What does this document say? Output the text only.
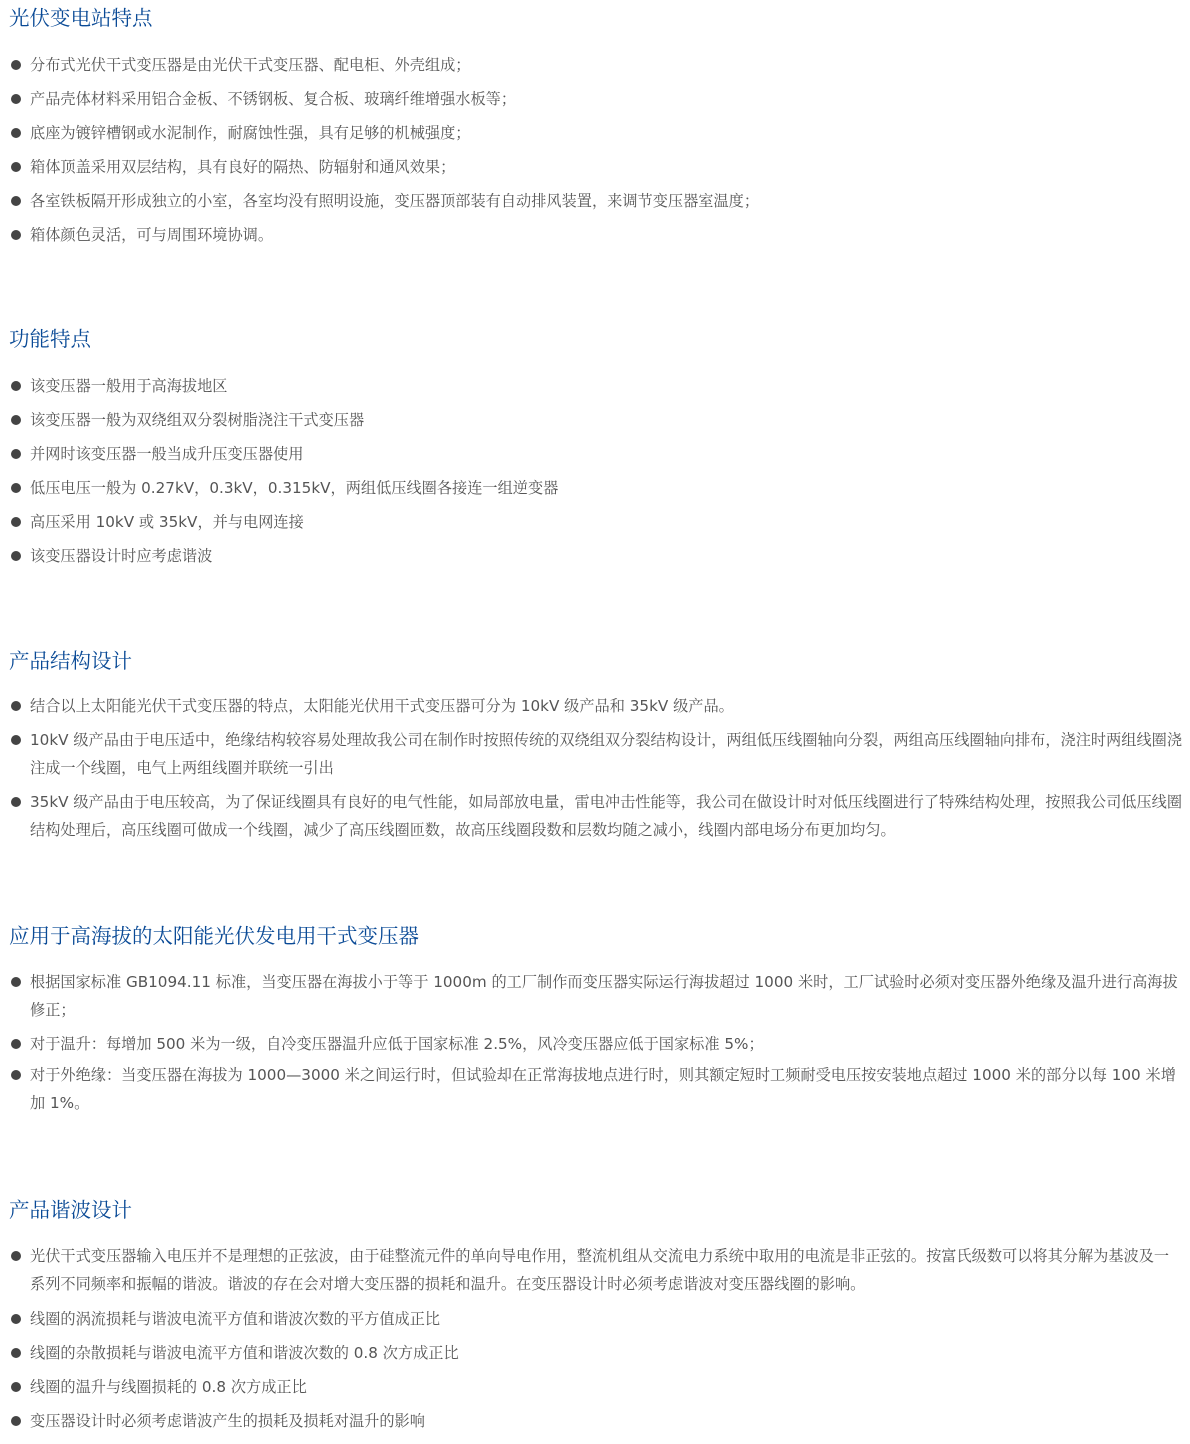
光伏变电站特点
分布式光伏干式变压器是由光伏干式变压器、配电柜、外壳组成；
产品壳体材料采用铝合金板、不锈钢板、复合板、玻璃纤维增强水板等；
底座为镀锌槽钢或水泥制作，耐腐蚀性强，具有足够的机械强度；
箱体顶盖采用双层结构，具有良好的隔热、防辐射和通风效果；
各室铁板隔开形成独立的小室，各室均没有照明设施，变压器顶部装有自动排风装置，来调节变压器室温度；
箱体颜色灵活，可与周围环境协调。
功能特点
该变压器一般用于高海拔地区
该变压器一般为双绕组双分裂树脂浇注干式变压器
并网时该变压器一般当成升压变压器使用
低压电压一般为 0.27kV，0.3kV，0.315kV，两组低压线圈各接连一组逆变器
高压采用 10kV 或 35kV，并与电网连接
该变压器设计时应考虑谐波
产品结构设计
结合以上太阳能光伏干式变压器的特点，太阳能光伏用干式变压器可分为 10kV 级产品和 35kV 级产品。
10kV 级产品由于电压适中，绝缘结构较容易处理故我公司在制作时按照传统的双绕组双分裂结构设计，两组低压线圈轴向分裂，两组高压线圈轴向排布，浇注时两组线圈浇注成一个线圈，电气上两组线圈并联统一引出
35kV 级产品由于电压较高，为了保证线圈具有良好的电气性能，如局部放电量，雷电冲击性能等，我公司在做设计时对低压线圈进行了特殊结构处理，按照我公司低压线圈结构处理后，高压线圈可做成一个线圈，减少了高压线圈匝数，故高压线圈段数和层数均随之减小，线圈内部电场分布更加均匀。
应用于高海拔的太阳能光伏发电用干式变压器
根据国家标准 GB1094.11 标准，当变压器在海拔小于等于 1000m 的工厂制作而变压器实际运行海拔超过 1000 米时，工厂试验时必须对变压器外绝缘及温升进行高海拔修正；
对于温升：每增加 500 米为一级，自冷变压器温升应低于国家标准 2.5%，风冷变压器应低于国家标准 5%；
对于外绝缘：当变压器在海拔为 1000—3000 米之间运行时，但试验却在正常海拔地点进行时，则其额定短时工频耐受电压按安装地点超过 1000 米的部分以每 100 米增加 1%。
产品谐波设计
光伏干式变压器输入电压并不是理想的正弦波，由于硅整流元件的单向导电作用，整流机组从交流电力系统中取用的电流是非正弦的。按富氏级数可以将其分解为基波及一系列不同频率和振幅的谐波。谐波的存在会对增大变压器的损耗和温升。在变压器设计时必须考虑谐波对变压器线圈的影响。
线圈的涡流损耗与谐波电流平方值和谐波次数的平方值成正比
线圈的杂散损耗与谐波电流平方值和谐波次数的 0.8 次方成正比
线圈的温升与线圈损耗的 0.8 次方成正比
变压器设计时必须考虑谐波产生的损耗及损耗对温升的影响
